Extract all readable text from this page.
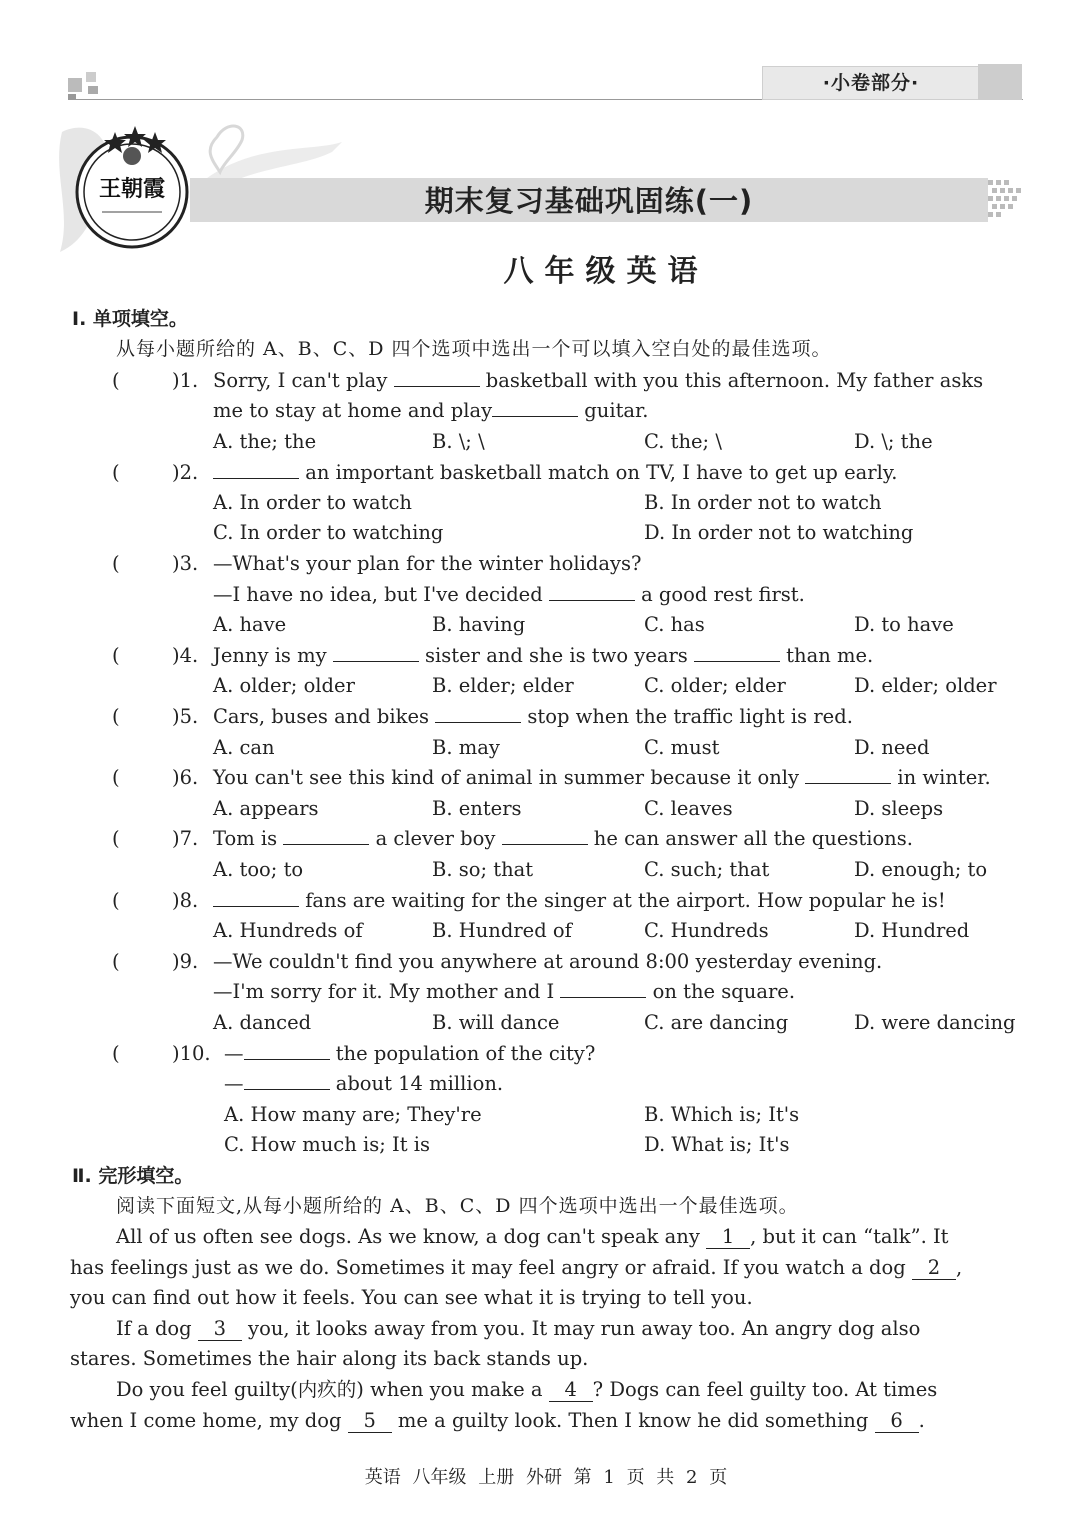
·小卷部分·
王朝霞	期末复习基础巩固练(一)
八年级英语
Ⅰ. 单项填空。
从每小题所给的 A、B、C、D 四个选项中选出一个可以填入空白处的最佳选项。
(	)1. Sorry, I can't play	basketball with you this afternoon. My father asks
me to stay at home and play	guitar.
A. the; the	B. \; \	C. the; \	D. \; the
(	)2.	an important basketball match on TV, I have to get up early.
A. In order to watch	B. In order not to watch
C. In order to watching	D. In order not to watching
(	)3. —What's your plan for the winter holidays?
—I have no idea, but I've decided	a good rest first.
A. have	B. having	C. has	D. to have
(	)4. Jenny is my	sister and she is two years	than me.
A. older; older	B. elder; elder	C. older; elder	D. elder; older
(	)5. Cars, buses and bikes	stop when the traffic light is red.
A. can	B. may	C. must	D. need
(	)6. You can't see this kind of animal in summer because it only	in winter.
A. appears	B. enters	C. leaves	D. sleeps
(	)7. Tom is	a clever boy	he can answer all the questions.
A. too; to	B. so; that	C. such; that	D. enough; to
(	)8.	fans are waiting for the singer at the airport. How popular he is!
A. Hundreds of	B. Hundred of	C. Hundreds	D. Hundred
(	)9. —We couldn't find you anywhere at around 8:00 yesterday evening.
—I'm sorry for it. My mother and I	on the square.
A. danced	B. will dance	C. are dancing	D. were dancing
(	)10. —	the population of the city?
—	about 14 million.
A. How many are; They're	B. Which is; It's
C. How much is; It is	D. What is; It's
Ⅱ. 完形填空。
阅读下面短文,从每小题所给的 A、B、C、D 四个选项中选出一个最佳选项。
All of us often see dogs. As we know, a dog can't speak any 1 , but it can “talk”. It
has feelings just as we do. Sometimes it may feel angry or afraid. If you watch a dog 2 ,
you can find out how it feels. You can see what it is trying to tell you.
If a dog 3 you, it looks away from you. It may run away too. An angry dog also
stares. Sometimes the hair along its back stands up.
Do you feel guilty(内疚的) when you make a 4 ? Dogs can feel guilty too. At times
when I come home, my dog 5 me a guilty look. Then I know he did something 6 .
英语 八年级 上册 外研 第 1 页 共 2 页
